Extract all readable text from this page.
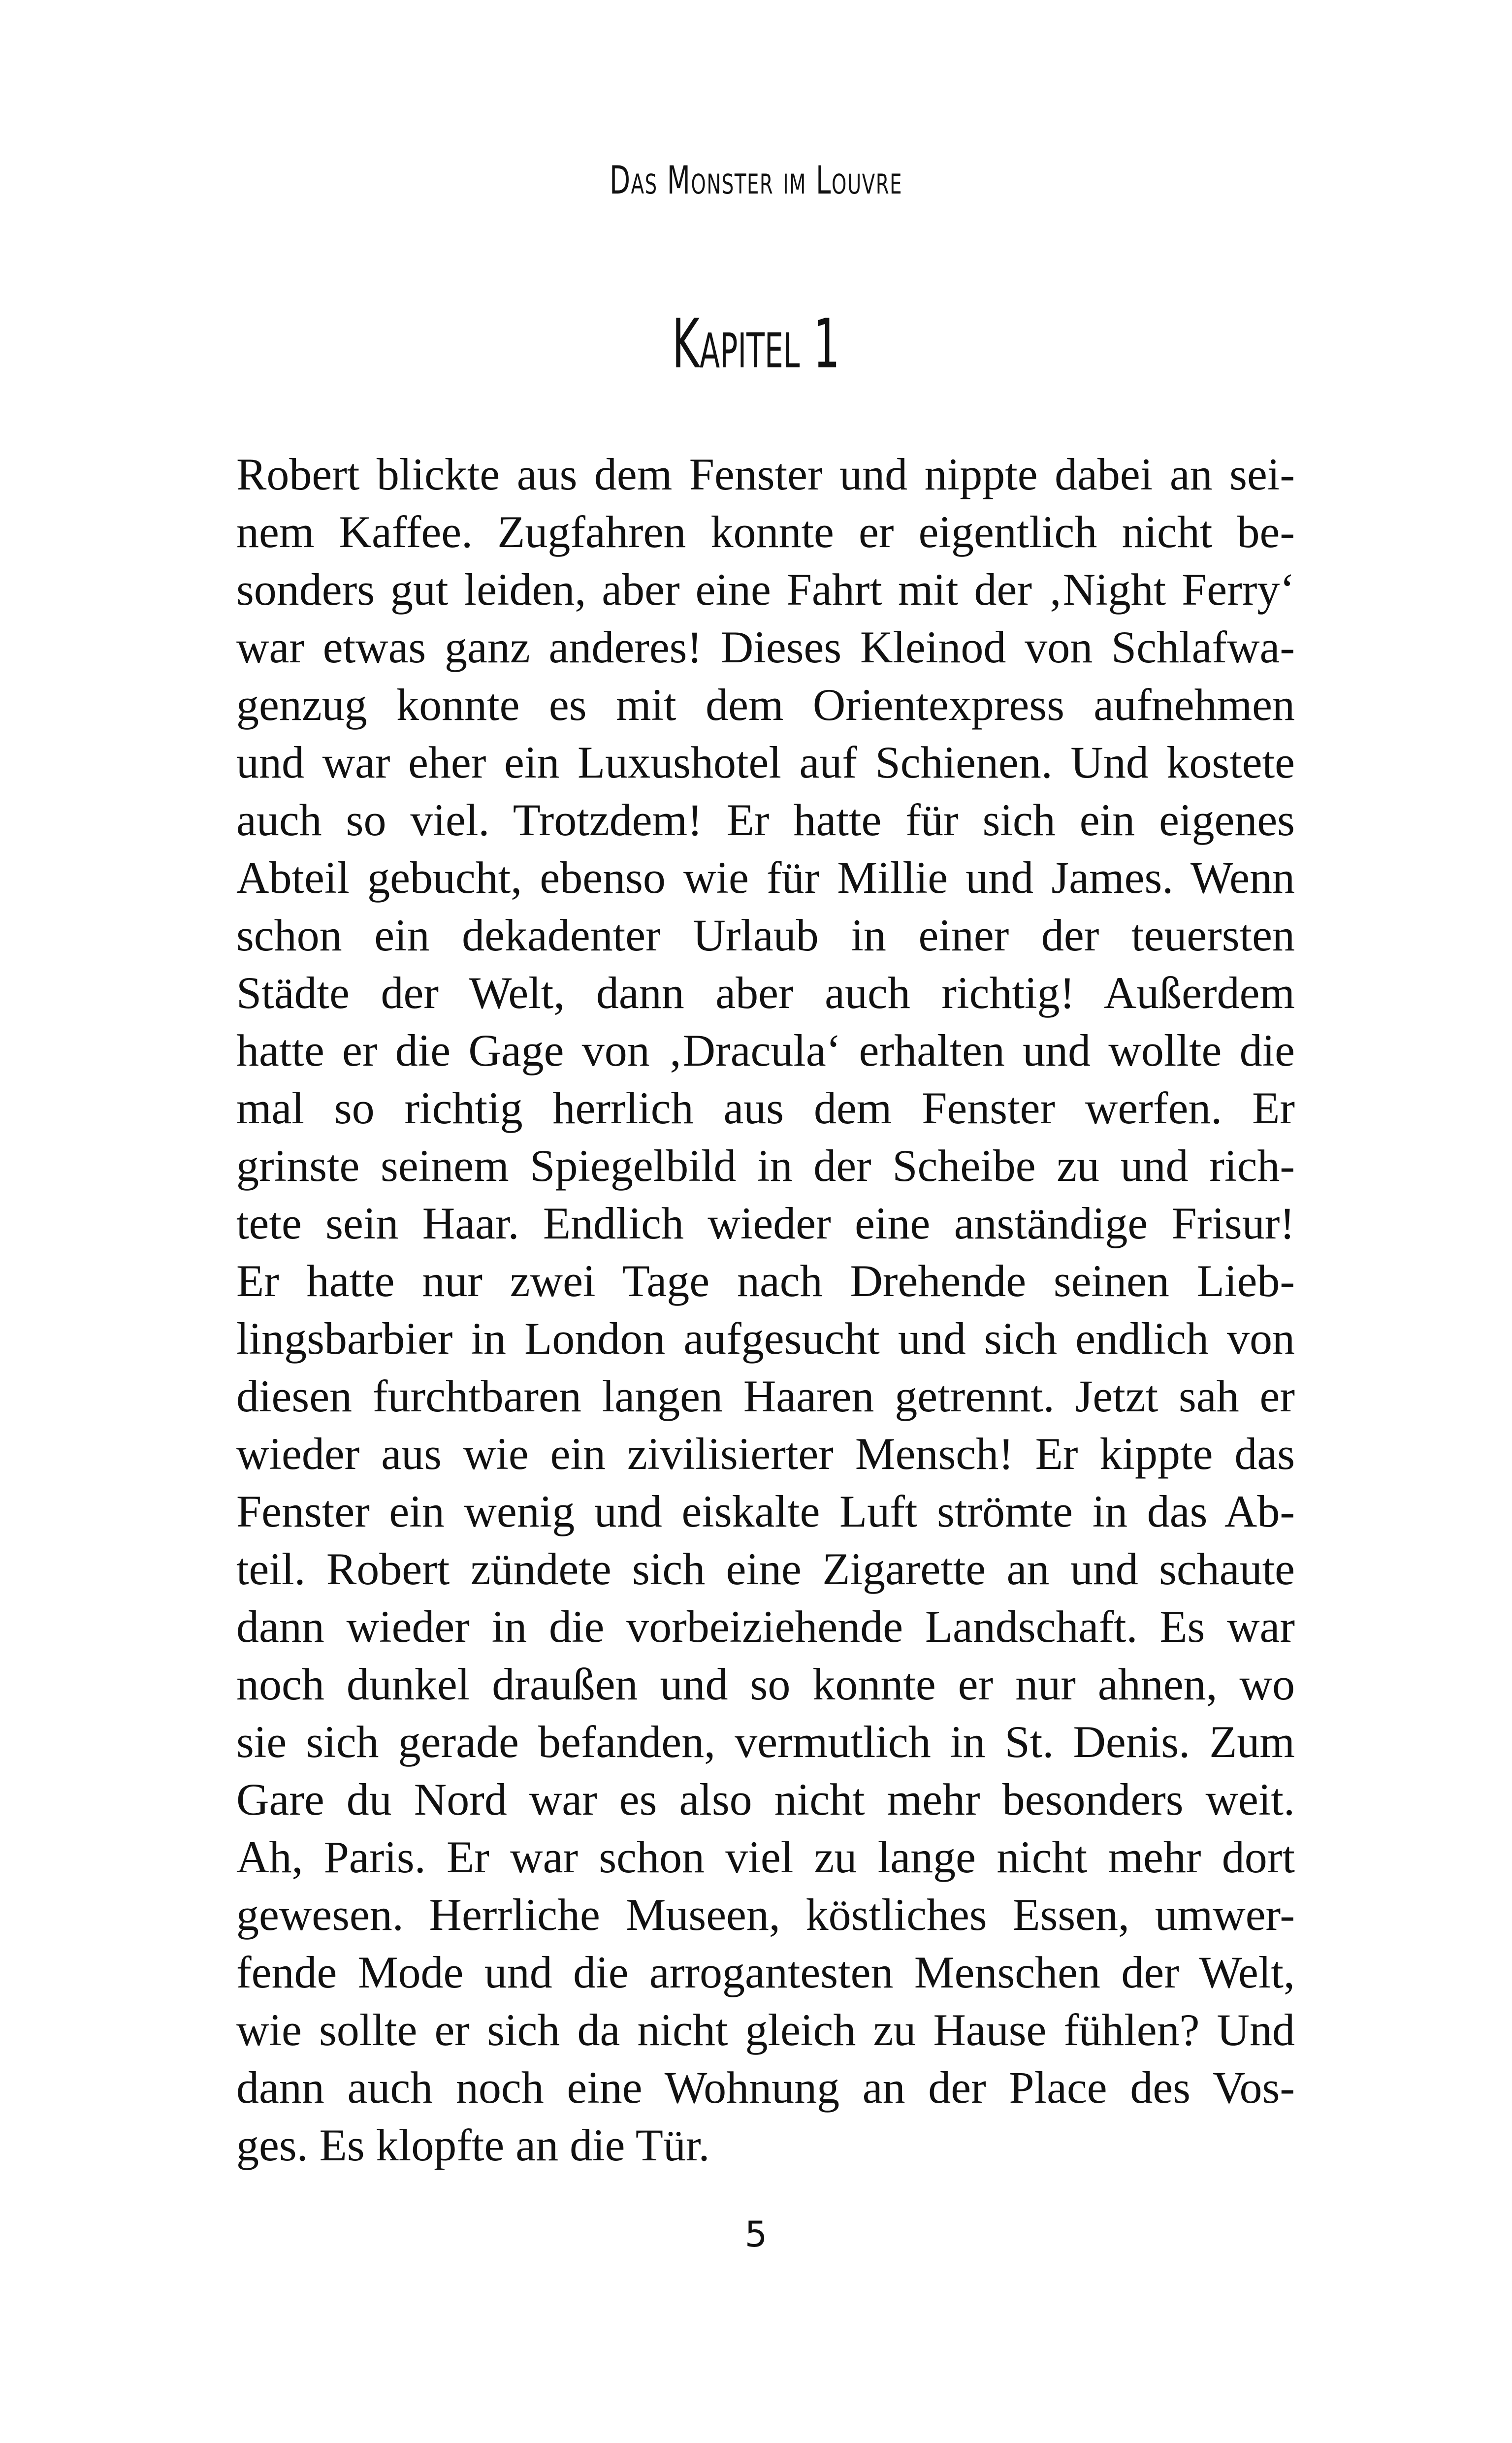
Das Monster im Louvre
Kapitel 1
Robert blickte aus dem Fenster und nippte dabei an sei-
nem Kaffee. Zugfahren konnte er eigentlich nicht be-
sonders gut leiden, aber eine Fahrt mit der ‚Night Ferry‘
war etwas ganz anderes! Dieses Kleinod von Schlafwa-
genzug konnte es mit dem Orientexpress aufnehmen
und war eher ein Luxushotel auf Schienen. Und kostete
auch so viel. Trotzdem! Er hatte für sich ein eigenes
Abteil gebucht, ebenso wie für Millie und James. Wenn
schon ein dekadenter Urlaub in einer der teuersten
Städte der Welt, dann aber auch richtig! Außerdem
hatte er die Gage von ‚Dracula‘ erhalten und wollte die
mal so richtig herrlich aus dem Fenster werfen. Er
grinste seinem Spiegelbild in der Scheibe zu und rich-
tete sein Haar. Endlich wieder eine anständige Frisur!
Er hatte nur zwei Tage nach Drehende seinen Lieb-
lingsbarbier in London aufgesucht und sich endlich von
diesen furchtbaren langen Haaren getrennt. Jetzt sah er
wieder aus wie ein zivilisierter Mensch! Er kippte das
Fenster ein wenig und eiskalte Luft strömte in das Ab-
teil. Robert zündete sich eine Zigarette an und schaute
dann wieder in die vorbeiziehende Landschaft. Es war
noch dunkel draußen und so konnte er nur ahnen, wo
sie sich gerade befanden, vermutlich in St. Denis. Zum
Gare du Nord war es also nicht mehr besonders weit.
Ah, Paris. Er war schon viel zu lange nicht mehr dort
gewesen. Herrliche Museen, köstliches Essen, umwer-
fende Mode und die arrogantesten Menschen der Welt,
wie sollte er sich da nicht gleich zu Hause fühlen? Und
dann auch noch eine Wohnung an der Place des Vos-
ges. Es klopfte an die Tür.
5
